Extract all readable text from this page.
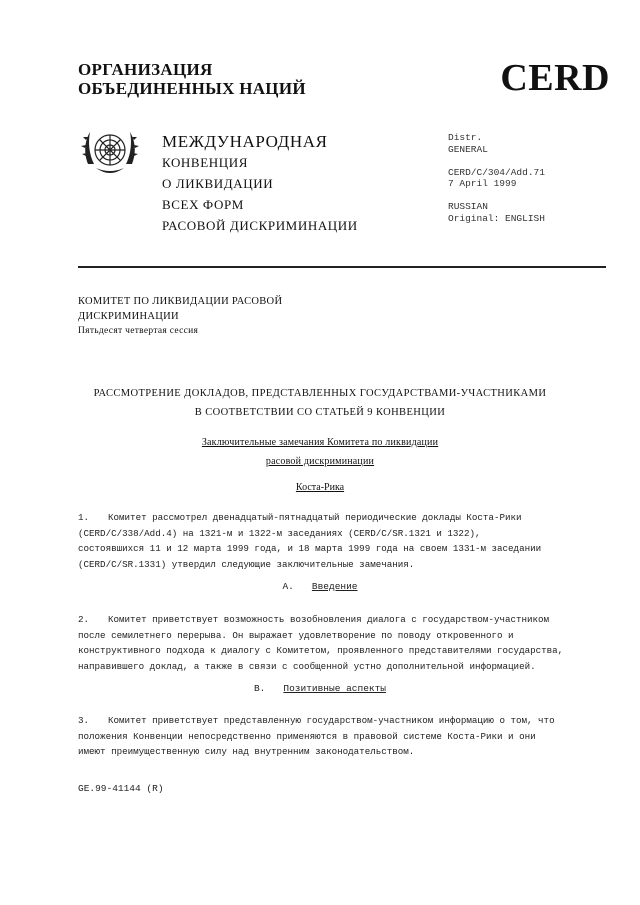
ОРГАНИЗАЦИЯ
ОБЪЕДИНЕННЫХ НАЦИЙ	CERD
МЕЖДУНАРОДНАЯ
КОНВЕНЦИЯ
О ЛИКВИДАЦИИ
ВСЕХ ФОРМ
РАСОВОЙ ДИСКРИМИНАЦИИ
Distr.
GENERAL
CERD/C/304/Add.71
7 April 1999
RUSSIAN
Original: ENGLISH
КОМИТЕТ ПО ЛИКВИДАЦИИ РАСОВОЙ
ДИСКРИМИНАЦИИ
Пятьдесят четвертая сессия
РАССМОТРЕНИЕ ДОКЛАДОВ, ПРЕДСТАВЛЕННЫХ ГОСУДАРСТВАМИ-УЧАСТНИКАМИ
В СООТВЕТСТВИИ СО СТАТЬЕЙ 9 КОНВЕНЦИИ
Заключительные замечания Комитета по ликвидации
расовой дискриминации
Коста-Рика
1. Комитет рассмотрел двенадцатый-пятнадцатый периодические доклады Коста-Рики
(CERD/C/338/Add.4) на 1321-м и 1322-м заседаниях (CERD/C/SR.1321 и 1322),
состоявшихся 11 и 12 марта 1999 года, и 18 марта 1999 года на своем 1331-м заседании
(CERD/C/SR.1331) утвердил следующие заключительные замечания.
A. Введение
2. Комитет приветствует возможность возобновления диалога с государством-участником
после семилетнего перерыва. Он выражает удовлетворение по поводу откровенного и
конструктивного подхода к диалогу с Комитетом, проявленного представителями государства,
направившего доклад, а также в связи с сообщенной устно дополнительной информацией.
B. Позитивные аспекты
3. Комитет приветствует представленную государством-участником информацию о том, что
положения Конвенции непосредственно применяются в правовой системе Коста-Рики и они
имеют преимущественную силу над внутренним законодательством.
GE.99-41144 (R)
